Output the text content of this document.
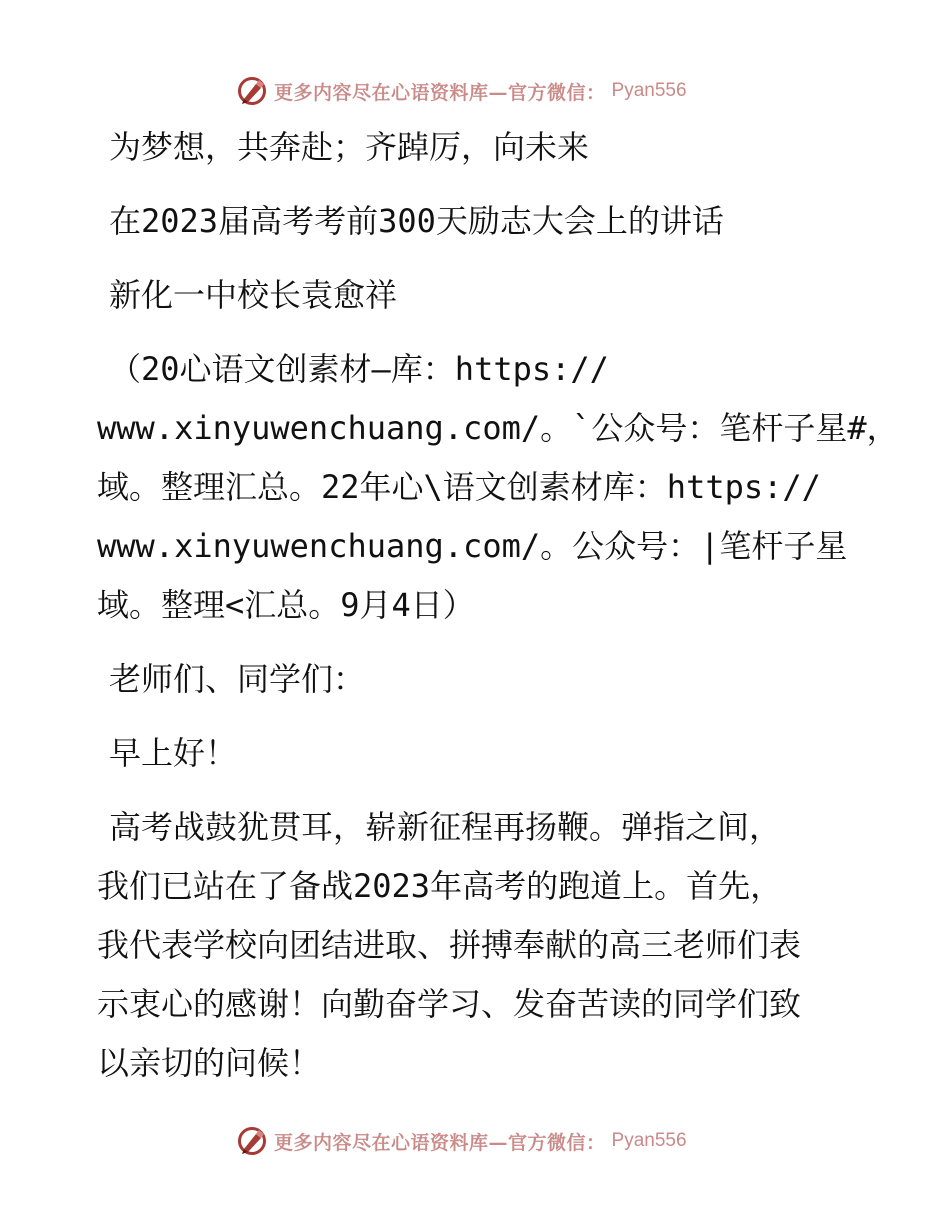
更多内容尽在心语资料库—官方微信： Pyan556
为梦想，共奔赴；齐踔厉，向未来
在2023届高考考前300天励志大会上的讲话
新化一中校长袁愈祥
（20心语文创素材—库：https://
www.xinyuwenchuang.com/。`公众号：笔杆子星#，
域。整理汇总。22年心\语文创素材库：https://
www.xinyuwenchuang.com/。公众号：|笔杆子星
域。整理<汇总。9月4日）
老师们、同学们：
早上好！
高考战鼓犹贯耳，崭新征程再扬鞭。弹指之间，
我们已站在了备战2023年高考的跑道上。首先，
我代表学校向团结进取、拼搏奉献的高三老师们表
示衷心的感谢！向勤奋学习、发奋苦读的同学们致
以亲切的问候！
更多内容尽在心语资料库—官方微信： Pyan556
